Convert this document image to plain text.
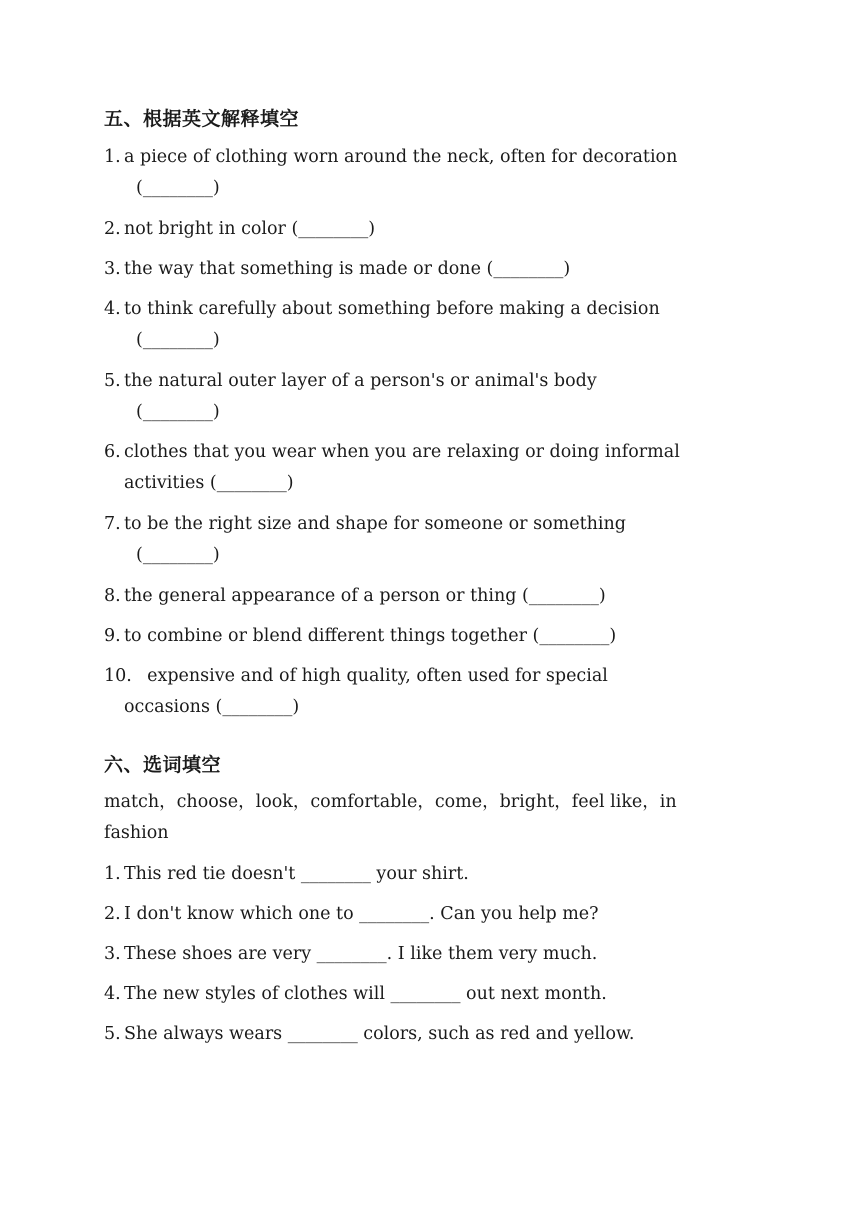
五、根据英文解释填空
1. a piece of clothing worn around the neck, often for decoration
(________)
2. not bright in color (________)
3. the way that something is made or done (________)
4. to think carefully about something before making a decision
(________)
5. the natural outer layer of a person's or animal's body
(________)
6. clothes that you wear when you are relaxing or doing informal
activities (________)
7. to be the right size and shape for someone or something
(________)
8. the general appearance of a person or thing (________)
9. to combine or blend different things together (________)
10. expensive and of high quality, often used for special
occasions (________)
六、选词填空
match，choose，look，comfortable，come，bright，feel like，in
fashion
1. This red tie doesn't ________ your shirt.
2. I don't know which one to ________. Can you help me?
3. These shoes are very ________. I like them very much.
4. The new styles of clothes will ________ out next month.
5. She always wears ________ colors, such as red and yellow.
